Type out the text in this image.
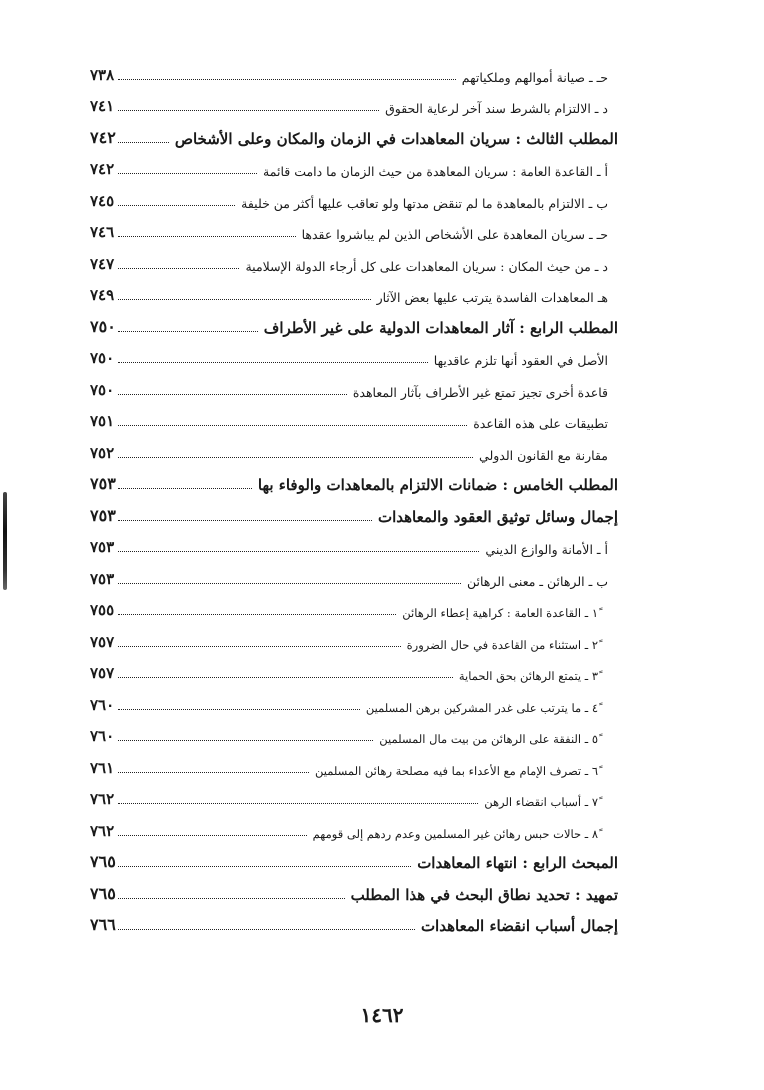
٧٣٨	حـ ـ صيانة أموالهم وملكياتهم
٧٤١	د ـ الالتزام بالشرط سند آخر لرعاية الحقوق
٧٤٢	المطلب الثالث : سريان المعاهدات في الزمان والمكان وعلى الأشخاص
٧٤٢	أ ـ القاعدة العامة : سريان المعاهدة من حيث الزمان ما دامت قائمة
٧٤٥	ب ـ الالتزام بالمعاهدة ما لم تنقض مدتها ولو تعاقب عليها أكثر من خليفة
٧٤٦	حـ ـ سريان المعاهدة على الأشخاص الذين لم يباشروا عقدها
٧٤٧	د ـ من حيث المكان : سريان المعاهدات على كل أرجاء الدولة الإسلامية
٧٤٩	هـ المعاهدات الفاسدة يترتب عليها بعض الآثار
٧٥٠	المطلب الرابع : آثار المعاهدات الدولية على غير الأطراف
٧٥٠	الأصل في العقود أنها تلزم عاقديها
٧٥٠	قاعدة أخرى تجيز تمتع غير الأطراف بآثار المعاهدة
٧٥١	تطبيقات على هذه القاعدة
٧٥٢	مقارنة مع القانون الدولي
٧٥٣	المطلب الخامس : ضمانات الالتزام بالمعاهدات والوفاء بها
٧٥٣	إجمال وسائل توثيق العقود والمعاهدات
٧٥٣	أ ـ الأمانة والوازع الديني
٧٥٣	ب ـ الرهائن ـ معنى الرهائن
٧٥٥	١ً ـ القاعدة العامة : كراهية إعطاء الرهائن
٧٥٧	٢ً ـ استثناء من القاعدة في حال الضرورة
٧٥٧	٣ً ـ يتمتع الرهائن بحق الحماية
٧٦٠	٤ً ـ ما يترتب على غدر المشركين برهن المسلمين
٧٦٠	٥ً ـ النفقة على الرهائن من بيت مال المسلمين
٧٦١	٦ً ـ تصرف الإمام مع الأعداء بما فيه مصلحة رهائن المسلمين
٧٦٢	٧ً ـ أسباب انقضاء الرهن
٧٦٢	٨ً ـ حالات حبس رهائن غير المسلمين وعدم ردهم إلى قومهم
٧٦٥	المبحث الرابع : انتهاء المعاهدات
٧٦٥	تمهيد : تحديد نطاق البحث في هذا المطلب
٧٦٦	إجمال أسباب انقضاء المعاهدات
١٤٦٢
